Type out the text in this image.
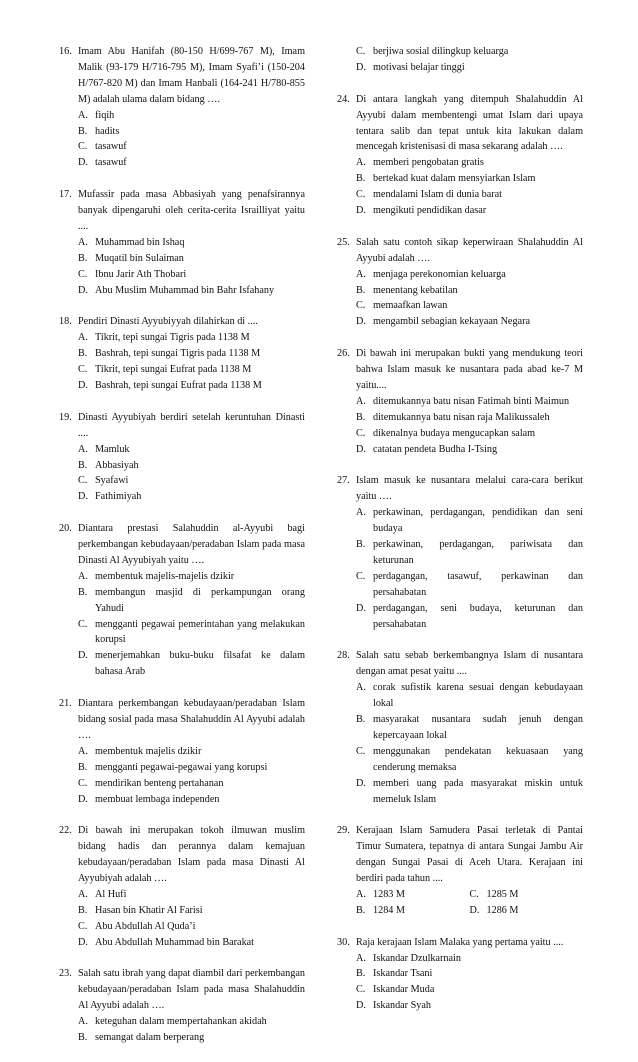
16. Imam Abu Hanifah (80-150 H/699-767 M), Imam Malik (93-179 H/716-795 M), Imam Syafi’i (150-204 H/767-820 M) dan Imam Hanbali (164-241 H/780-855 M) adalah ulama dalam bidang ….
A. fiqih
B. hadits
C. tasawuf
D. tasawuf
17. Mufassir pada masa Abbasiyah yang penafsirannya banyak dipengaruhi oleh cerita-cerita Israilliyat yaitu ....
A. Muhammad bin Ishaq
B. Muqatil bin Sulaiman
C. Ibnu Jarir Ath Thobari
D. Abu Muslim Muhammad bin Bahr Isfahany
18. Pendiri Dinasti Ayyubiyyah dilahirkan di ....
A. Tikrit, tepi sungai Tigris pada 1138 M
B. Bashrah, tepi sungai Tigris pada 1138 M
C. Tikrit, tepi sungai Eufrat pada 1138 M
D. Bashrah, tepi sungai Eufrat pada 1138 M
19. Dinasti Ayyubiyah berdiri setelah keruntuhan Dinasti ....
A. Mamluk
B. Abbasiyah
C. Syafawi
D. Fathimiyah
20. Diantara prestasi Salahuddin al-Ayyubi bagi perkembangan kebudayaan/peradaban Islam pada masa Dinasti Al Ayyubiyah yaitu ….
A. membentuk majelis-majelis dzikir
B. membangun masjid di perkampungan orang Yahudi
C. mengganti pegawai pemerintahan yang melakukan korupsi
D. menerjemahkan buku-buku filsafat ke dalam bahasa Arab
21. Diantara perkembangan kebudayaan/peradaban Islam bidang sosial pada masa Shalahuddin Al Ayyubi adalah ….
A. membentuk majelis dzikir
B. mengganti pegawai-pegawai yang korupsi
C. mendirikan benteng pertahanan
D. membuat lembaga independen
22. Di bawah ini merupakan tokoh ilmuwan muslim bidang hadis dan perannya dalam kemajuan kebudayaan/peradaban Islam pada masa Dinasti Al Ayyubiyah adalah ….
A. Al Hufi
B. Hasan bin Khatir Al Farisi
C. Abu Abdullah Al Quda’i
D. Abu Abdullah Muhammad bin Barakat
23. Salah satu ibrah yang dapat diambil dari perkembangan kebudayaan/peradaban Islam pada masa Shalahuddin Al Ayyubi adalah ….
A. keteguhan dalam mempertahankan akidah
B. semangat dalam berperang
C. berjiwa sosial dilingkup keluarga
D. motivasi belajar tinggi
24. Di antara langkah yang ditempuh Shalahuddin Al Ayyubi dalam membentengi umat Islam dari upaya tentara salib dan tepat untuk kita lakukan dalam mencegah kristenisasi di masa sekarang adalah ….
A. memberi pengobatan gratis
B. bertekad kuat dalam mensyiarkan Islam
C. mendalami Islam di dunia barat
D. mengikuti pendidikan dasar
25. Salah satu contoh sikap keperwiraan Shalahuddin Al Ayyubi adalah ….
A. menjaga perekonomian keluarga
B. menentang kebatilan
C. memaafkan lawan
D. mengambil sebagian kekayaan Negara
26. Di bawah ini merupakan bukti yang mendukung teori bahwa Islam masuk ke nusantara pada abad ke-7 M yaitu....
A. ditemukannya batu nisan Fatimah binti Maimun
B. ditemukannya batu nisan raja Malikussaleh
C. dikenalnya budaya mengucapkan salam
D. catatan pendeta Budha I-Tsing
27. Islam masuk ke nusantara melalui cara-cara berikut yaitu ….
A. perkawinan, perdagangan, pendidikan dan seni budaya
B. perkawinan, perdagangan, pariwisata dan keturunan
C. perdagangan, tasawuf, perkawinan dan persahabatan
D. perdagangan, seni budaya, keturunan dan persahabatan
28. Salah satu sebab berkembangnya Islam di nusantara dengan amat pesat yaitu ....
A. corak sufistik karena sesuai dengan kebudayaan lokal
B. masyarakat nusantara sudah jenuh dengan kepercayaan lokal
C. menggunakan pendekatan kekuasaan yang cenderung memaksa
D. memberi uang pada masyarakat miskin untuk memeluk Islam
29. Kerajaan Islam Samudera Pasai terletak di Pantai Timur Sumatera, tepatnya di antara Sungai Jambu Air dengan Sungai Pasai di Aceh Utara. Kerajaan ini berdiri pada tahun ....
A. 1283 M	C. 1285 M
B. 1284 M	D. 1286 M
30. Raja kerajaan Islam Malaka yang pertama yaitu ....
A. Iskandar Dzulkarnain
B. Iskandar Tsani
C. Iskandar Muda
D. Iskandar Syah
